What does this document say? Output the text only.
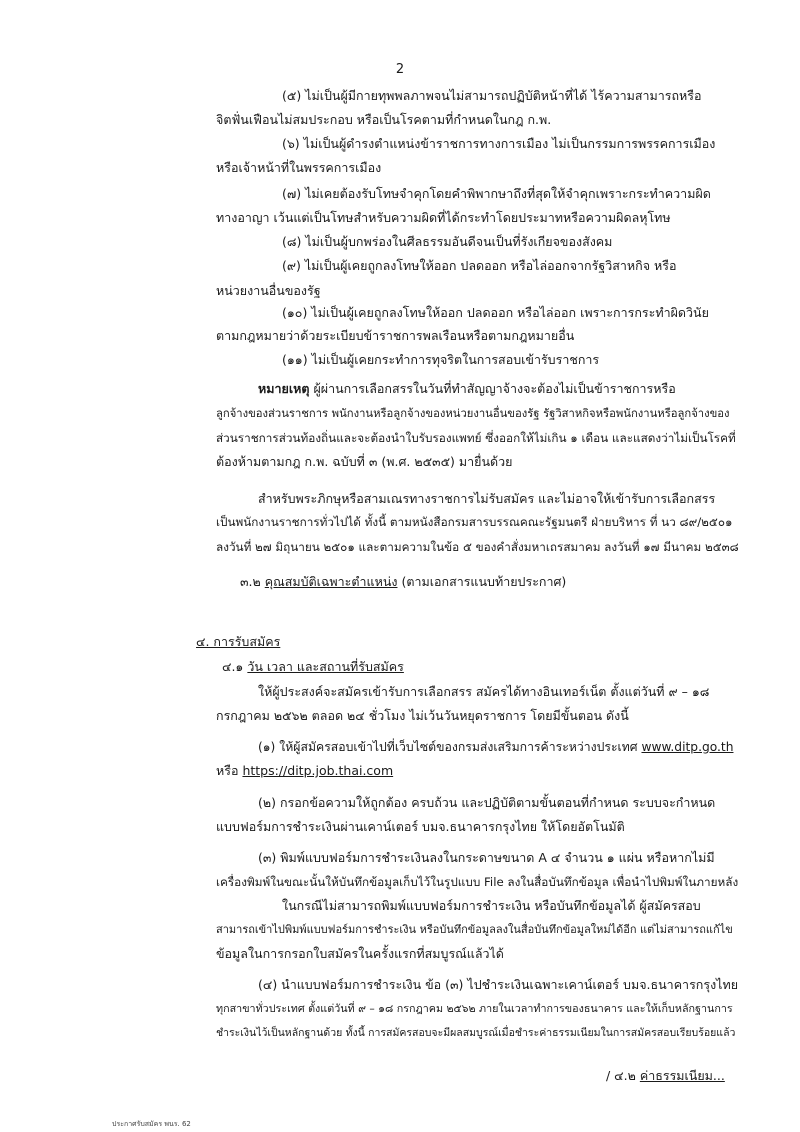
2
(๕) ไม่เป็นผู้มีกายทุพพลภาพจนไม่สามารถปฏิบัติหน้าที่ได้ ไร้ความสามารถหรือ
จิตฟั่นเฟือนไม่สมประกอบ หรือเป็นโรคตามที่กำหนดในกฎ ก.พ.
(๖) ไม่เป็นผู้ดำรงตำแหน่งข้าราชการทางการเมือง ไม่เป็นกรรมการพรรคการเมือง
หรือเจ้าหน้าที่ในพรรคการเมือง
(๗) ไม่เคยต้องรับโทษจำคุกโดยคำพิพากษาถึงที่สุดให้จำคุกเพราะกระทำความผิด
ทางอาญา เว้นแต่เป็นโทษสำหรับความผิดที่ได้กระทำโดยประมาทหรือความผิดลหุโทษ
(๘) ไม่เป็นผู้บกพร่องในศีลธรรมอันดีจนเป็นที่รังเกียจของสังคม
(๙) ไม่เป็นผู้เคยถูกลงโทษให้ออก ปลดออก หรือไล่ออกจากรัฐวิสาหกิจ หรือ
หน่วยงานอื่นของรัฐ
(๑๐) ไม่เป็นผู้เคยถูกลงโทษให้ออก ปลดออก หรือไล่ออก เพราะการกระทำผิดวินัย
ตามกฎหมายว่าด้วยระเบียบข้าราชการพลเรือนหรือตามกฎหมายอื่น
(๑๑) ไม่เป็นผู้เคยกระทำการทุจริตในการสอบเข้ารับราชการ
หมายเหตุ ผู้ผ่านการเลือกสรรในวันที่ทำสัญญาจ้างจะต้องไม่เป็นข้าราชการหรือ
ลูกจ้างของส่วนราชการ พนักงานหรือลูกจ้างของหน่วยงานอื่นของรัฐ รัฐวิสาหกิจหรือพนักงานหรือลูกจ้างของ
ส่วนราชการส่วนท้องถิ่นและจะต้องนำใบรับรองแพทย์ ซึ่งออกให้ไม่เกิน ๑ เดือน และแสดงว่าไม่เป็นโรคที่
ต้องห้ามตามกฎ ก.พ. ฉบับที่ ๓ (พ.ศ. ๒๕๓๕) มายื่นด้วย
สำหรับพระภิกษุหรือสามเณรทางราชการไม่รับสมัคร และไม่อาจให้เข้ารับการเลือกสรร
เป็นพนักงานราชการทั่วไปได้ ทั้งนี้ ตามหนังสือกรมสารบรรณคณะรัฐมนตรี ฝ่ายบริหาร ที่ นว ๘๙/๒๕๐๑
ลงวันที่ ๒๗ มิถุนายน ๒๕๐๑ และตามความในข้อ ๕ ของคำสั่งมหาเถรสมาคม ลงวันที่ ๑๗ มีนาคม ๒๕๓๘
๓.๒ คุณสมบัติเฉพาะตำแหน่ง (ตามเอกสารแนบท้ายประกาศ)
๔. การรับสมัคร
๔.๑ วัน เวลา และสถานที่รับสมัคร
ให้ผู้ประสงค์จะสมัครเข้ารับการเลือกสรร สมัครได้ทางอินเทอร์เน็ต ตั้งแต่วันที่ ๙ – ๑๘
กรกฎาคม ๒๕๖๒ ตลอด ๒๔ ชั่วโมง ไม่เว้นวันหยุดราชการ โดยมีขั้นตอน ดังนี้
(๑) ให้ผู้สมัครสอบเข้าไปที่เว็บไซต์ของกรมส่งเสริมการค้าระหว่างประเทศ www.ditp.go.th
หรือ https://ditp.job.thai.com
(๒) กรอกข้อความให้ถูกต้อง ครบถ้วน และปฏิบัติตามขั้นตอนที่กำหนด ระบบจะกำหนด
แบบฟอร์มการชำระเงินผ่านเคาน์เตอร์ บมจ.ธนาคารกรุงไทย ให้โดยอัตโนมัติ
(๓) พิมพ์แบบฟอร์มการชำระเงินลงในกระดาษขนาด A ๔ จำนวน ๑ แผ่น หรือหากไม่มี
เครื่องพิมพ์ในขณะนั้นให้บันทึกข้อมูลเก็บไว้ในรูปแบบ File ลงในสื่อบันทึกข้อมูล เพื่อนำไปพิมพ์ในภายหลัง
ในกรณีไม่สามารถพิมพ์แบบฟอร์มการชำระเงิน หรือบันทึกข้อมูลได้ ผู้สมัครสอบ
สามารถเข้าไปพิมพ์แบบฟอร์มการชำระเงิน หรือบันทึกข้อมูลลงในสื่อบันทึกข้อมูลใหม่ได้อีก แต่ไม่สามารถแก้ไข
ข้อมูลในการกรอกใบสมัครในครั้งแรกที่สมบูรณ์แล้วได้
(๔) นำแบบฟอร์มการชำระเงิน ข้อ (๓) ไปชำระเงินเฉพาะเคาน์เตอร์ บมจ.ธนาคารกรุงไทย
ทุกสาขาทั่วประเทศ ตั้งแต่วันที่ ๙ – ๑๘ กรกฎาคม ๒๕๖๒ ภายในเวลาทำการของธนาคาร และให้เก็บหลักฐานการ
ชำระเงินไว้เป็นหลักฐานด้วย ทั้งนี้ การสมัครสอบจะมีผลสมบูรณ์เมื่อชำระค่าธรรมเนียมในการสมัครสอบเรียบร้อยแล้ว
/ ๔.๒ ค่าธรรมเนียม...
ประกาศรับสมัคร พนร. 62
